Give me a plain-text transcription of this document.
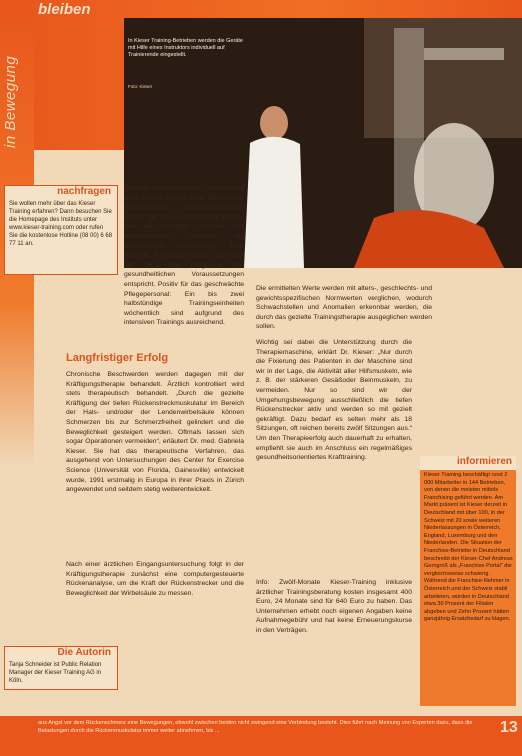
in Bewegung
bleiben
In Kieser Training-Betrieben werden die Geräte mit Hilfe eines Instruktors individuell auf Trainierende eingestellt.
Foto: Kieser
nachfragen
Sie wollen mehr über das Kieser Training erfahren? Dann besuchen Sie die Homepage des Instituts unter www.kieser-training.com oder rufen Sie die kostenlose Hotline (08 00) 6 68 77 11 an.
trainings. Im präventiven Training erhält jeder Kunde ein auf seine Bedürfnisse abgestimmtes Trainingsprogramm. Neben der Rückenmuskulatur werden hier alle wichtigen Muskeln und Muskelgruppen trainiert, um Beschwerden vorzubeugen. Eine ärztliche Trainingsberatung trägt dazu bei, dass das Programm den gesundheitlichen Voraussetzungen entspricht. Positiv für das geschwächte Pflegepersonal: Ein bis zwei halbstündige Trainingseinheiten wöchentlich sind aufgrund des intensiven Trainings ausreichend.
Langfristiger Erfolg
Chronische Beschwerden werden dagegen mit der Kräftigungstherapie behandelt. Ärztlich kontrolliert wird stets therapeutisch behandelt. „Durch die gezielte Kräftigung der tiefen Rückenstreckmuskulatur im Bereich der Hals- und/oder der Lendenwirbelsäule können Schmerzen bis zur Schmerzfreiheit gelindert und die Beweglichkeit gesteigert werden. Oftmals lassen sich sogar Operationen vermeiden“, erläutert Dr. med. Gabriela Kieser. Sie hat das therapeutische Verfahren, das ausgehend von Untersuchungen des Center for Exercise Science (Universität von Florida, Gainesville) entwickelt wurde, 1991 erstmalig in Europa in ihrer Praxis in Zürich angewendet und seitdem stetig weiterentwickelt.
Nach einer ärztlichen Eingangsuntersuchung folgt in der Kräftigungstherapie zunächst eine computergesteuerte Rückenanalyse, um die Kraft der Rückenstrecker und die Beweglichkeit der Wirbelsäule zu messen.
Die Autorin
Tanja Schneider ist Public Relation Manager der Kieser Training AG in Köln.
Die ermittelten Werte werden mit alters-, geschlechts- und gewichtsspezifischen Normwerten verglichen, wodurch Schwachstellen und Anomalien erkennbar werden, die durch das gezielte Trainingstherapie ausgeglichen werden sollen.
Wichtig sei dabei die Unterstützung durch die Therapiemaschine, erklärt Dr. Kieser: „Nur durch die Fixierung des Patienten in der Maschine sind wir in der Lage, die Aktivität aller Hilfsmuskeln, wie z. B. der stärkeren Gesäßoder Beinmuskeln, zu vermeiden. Nur so sind wir der Umgehungsbewegung ausschließlich die tiefen Rückenstrecker aktiv und werden so mit gezielt gekräftigt. Dazu bedarf es selten mehr als 18 Sitzungen, oft reichen bereits zwölf Sitzungen aus.“ Um den Therapieerfolg auch dauerhaft zu erhalten, empfiehlt sie auch im Anschluss ein regelmäßiges gesundheitsorientiertes Krafttraining.
Info: Zwölf-Monate Kieser-Training inklusive ärztlicher Trainingsberatung kosten insgesamt 400 Euro, 24 Monate sind für 640 Euro zu haben. Das Unternehmen erhebt noch eigenen Angaben keine Aufnahmegebühr und hat keine Erneuerungskurse in den Verträgen.
informieren
Kieser Training beschäftigt rund 2 000 Mitarbeiter in 144 Betrieben, von denen die meisten mittels Franchising geführt werden. Am Markt präsent ist Kieser derzeit in Deutschland mit über 100, in der Schweiz mit 20 sowie weiteren Niederlassungen in Österreich, England, Luxemburg und den Niederlanden. Die Situation der Franchise-Betriebe in Deutschland beschreibt der Kieser-Chef Andreas Gerngroß als „Franchise Portal“ die vergleichsweise schwierig. Während die Franchise-Nehmer in Österreich und der Schweiz stabil arbeiteten, würden in Deutschland etwa 30 Prozent der Filialen abgeben und Zehn Prozent hätten ganzjährig Ersatzbedarf zu klagen.
aus Angst vor dem Rückenschmerz eine Bewegungen, obwohl zwischen beiden nicht zwingend eine Verbindung besteht. Dies führt nach Meinung von Experten dazu, dass die Belastungen durch die Rückenmuskulatur immer weiter abnehmen, bis ...	13
